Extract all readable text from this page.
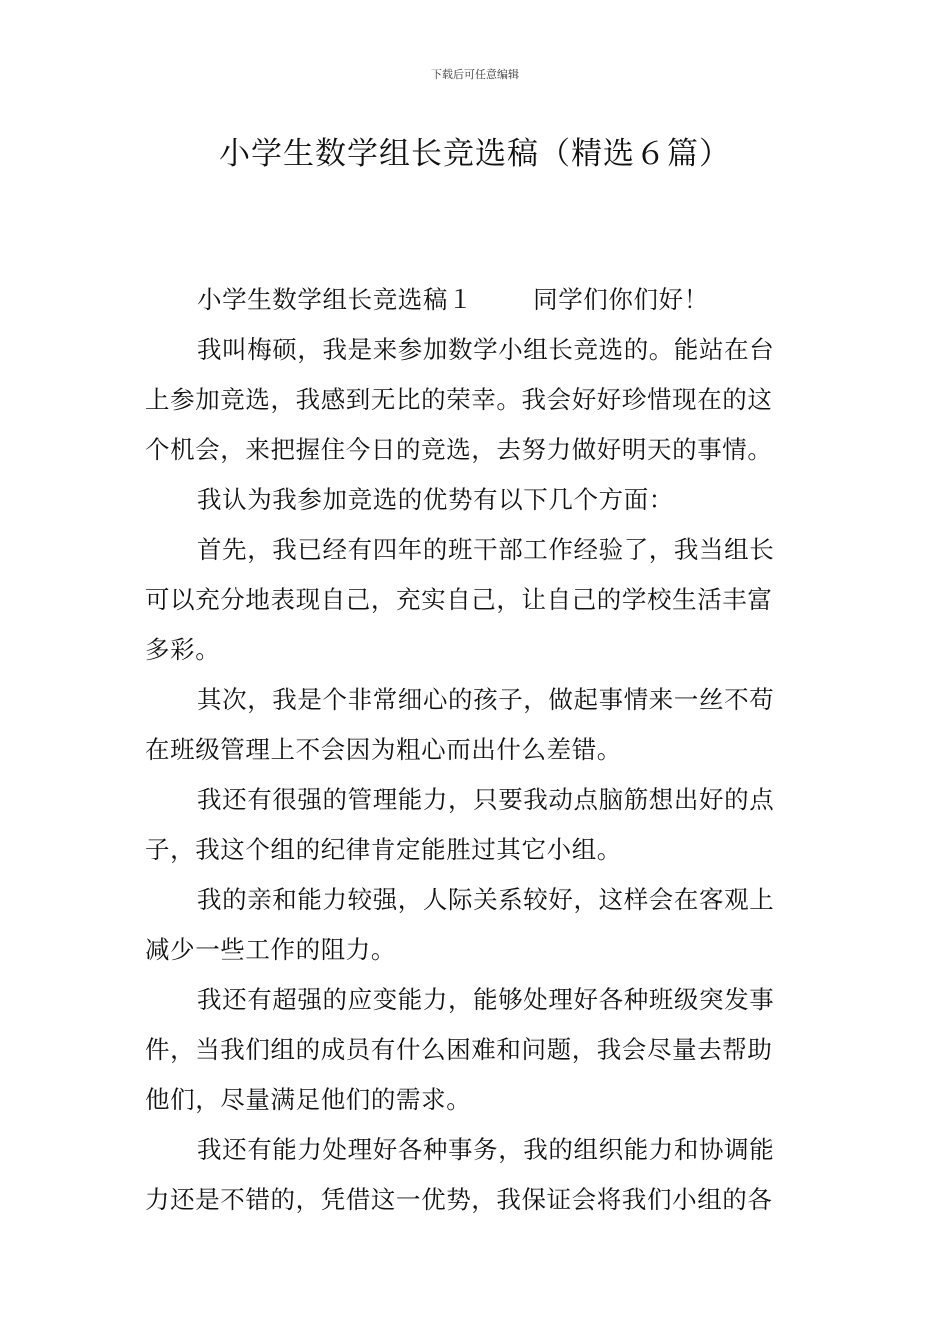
下载后可任意编辑
小学生数学组长竞选稿（精选６篇）
小学生数学组长竞选稿１ 同学们你们好！
我叫梅硕，我是来参加数学小组长竞选的。能站在台
上参加竞选，我感到无比的荣幸。我会好好珍惜现在的这
个机会，来把握住今日的竞选，去努力做好明天的事情。
我认为我参加竞选的优势有以下几个方面：
首先，我已经有四年的班干部工作经验了，我当组长
可以充分地表现自己，充实自己，让自己的学校生活丰富
多彩。
其次，我是个非常细心的孩子，做起事情来一丝不苟
在班级管理上不会因为粗心而出什么差错。
我还有很强的管理能力，只要我动点脑筋想出好的点
子，我这个组的纪律肯定能胜过其它小组。
我的亲和能力较强，人际关系较好，这样会在客观上
减少一些工作的阻力。
我还有超强的应变能力，能够处理好各种班级突发事
件，当我们组的成员有什么困难和问题，我会尽量去帮助
他们，尽量满足他们的需求。
我还有能力处理好各种事务，我的组织能力和协调能
力还是不错的，凭借这一优势，我保证会将我们小组的各
